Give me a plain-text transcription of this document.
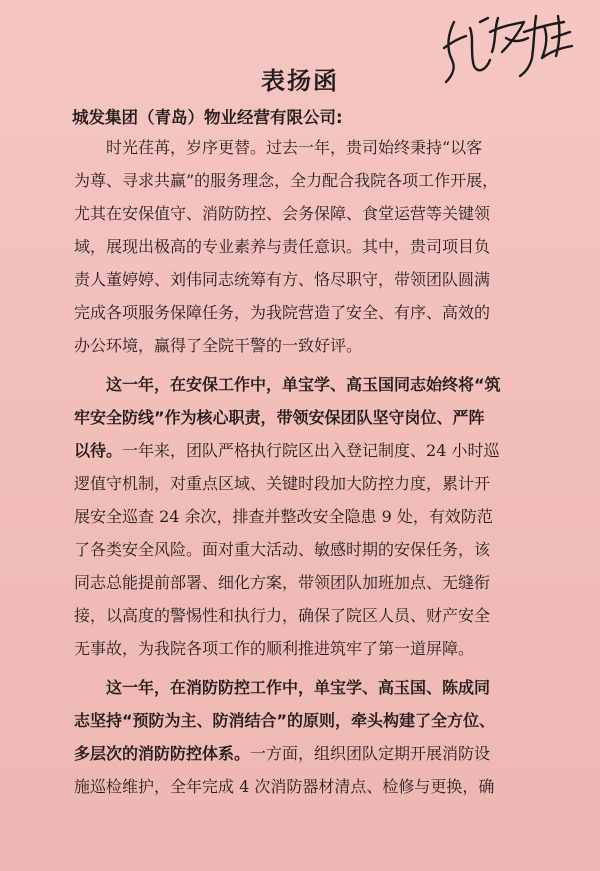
表扬函
城发集团（青岛）物业经营有限公司:
　　时光荏苒，岁序更替。过去一年，贵司始终秉持“以客
为尊、寻求共赢”的服务理念，全力配合我院各项工作开展，
尤其在安保值守、消防防控、会务保障、食堂运营等关键领
域，展现出极高的专业素养与责任意识。其中，贵司项目负
责人董婷婷、刘伟同志统筹有方、恪尽职守，带领团队圆满
完成各项服务保障任务，为我院营造了安全、有序、高效的
办公环境，赢得了全院干警的一致好评。
　　这一年，在安保工作中，单宝学、高玉国同志始终将“筑
牢安全防线”作为核心职责，带领安保团队坚守岗位、严阵
以待。一年来，团队严格执行院区出入登记制度、24 小时巡
逻值守机制，对重点区域、关键时段加大防控力度，累计开
展安全巡查 24 余次，排查并整改安全隐患 9 处，有效防范
了各类安全风险。面对重大活动、敏感时期的安保任务，该
同志总能提前部署、细化方案，带领团队加班加点、无缝衔
接，以高度的警惕性和执行力，确保了院区人员、财产安全
无事故，为我院各项工作的顺利推进筑牢了第一道屏障。
　　这一年，在消防防控工作中，单宝学、高玉国、陈成同
志坚持“预防为主、防消结合”的原则，牵头构建了全方位、
多层次的消防防控体系。一方面，组织团队定期开展消防设
施巡检维护，全年完成 4 次消防器材清点、检修与更换，确
